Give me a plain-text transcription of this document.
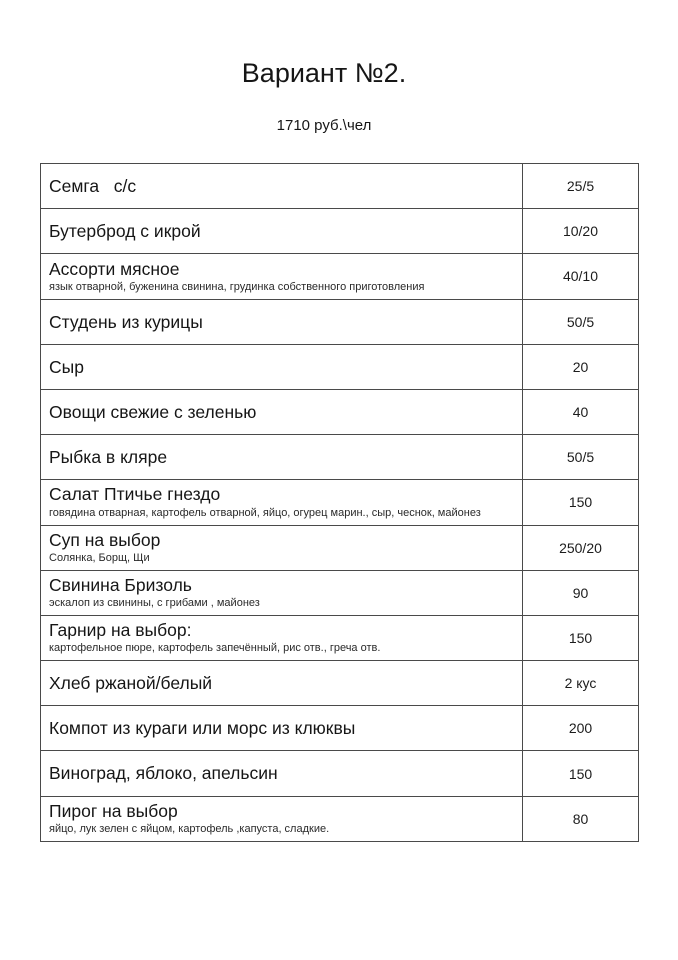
Вариант №2.
1710 руб.\чел
Семга   с/с	25/5

Бутерброд с икрой	10/20

Ассорти мясное
язык отварной, буженина свинина, грудинка собственного приготовления	40/10

Студень из курицы	50/5

Сыр	20

Овощи свежие с зеленью	40

Рыбка в кляре	50/5

Салат Птичье гнездо
говядина отварная, картофель отварной, яйцо, огурец марин., сыр, чеснок, майонез	150

Суп на выбор
Солянка, Борщ, Щи	250/20

Свинина Бризоль
эскалоп из свинины, с грибами , майонез	90

Гарнир на выбор:
картофельное пюре, картофель запечённый, рис отв., греча отв.	150

Хлеб ржаной/белый	2 кус

Компот из кураги или морс из клюквы	200

Виноград, яблоко, апельсин	150

Пирог на выбор
яйцо, лук зелен с яйцом, картофель ,капуста, сладкие.	80
